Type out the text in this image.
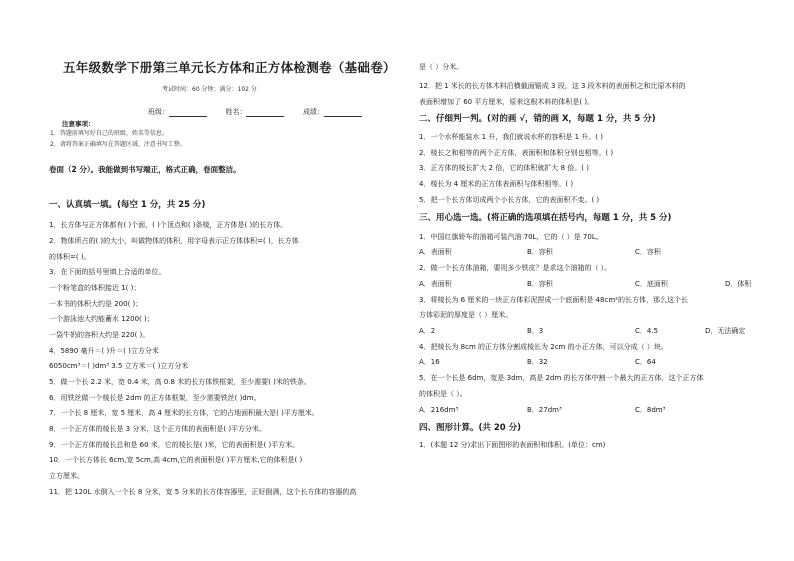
五年级数学下册第三单元长方体和正方体检测卷（基础卷）
考试时间：60 分钟；满分：102 分
班级：	姓名：	成绩：
注意事项：
1．答题前填写好自己的班级、姓名等信息。
2．请将答案正确填写在答题区域，注意书写工整。
卷面（2 分）。我能做到书写端正，格式正确，卷面整洁。
一、认真填一填。(每空 1 分，共 25 分)
1．长方体与正方体都有( )个面，( )个顶点和( )条棱，正方体是( )的长方体。
2．物体所占的( )的大小，叫做物体的体积，用字母表示正方体体积=( )，长方体
的体积=( )。
3．在下面的括号里填上合适的单位。
一个粉笔盒的体积接近 1( )；
一本书的体积大约是 200( )；
一个游泳池大约能蓄水 1200( )；
一袋牛奶的容积大约是 220( )。
4．5890 毫升＝( )升＝( )立方分米
6050cm³＝( )dm³ 3.5 立方米＝( )立方分米
5．做一个长 2.2 米，宽 0.4 米，高 0.8 米的长方体铁框架，至少需要( )米的铁条。
6．用铁丝做一个棱长是 2dm 的正方体框架，至少需要铁丝( )dm。
7．一个长 8 厘米，宽 5 厘米，高 4 厘米的长方体，它的占地面积最大是( )平方厘米。
8．一个正方体的棱长是 3 分米，这个正方体的表面积是( )平方分米。
9．一个正方体的棱长总和是 60 米，它的棱长是( )米，它的表面积是( )平方米。
10．一个长方体长 6cm,宽 5cm,高 4cm,它的表面积是( )平方厘米,它的体积是( )
立方厘米。
11．把 120L 水倒入一个长 8 分米，宽 5 分米的长方体容器里，正好倒满，这个长方体的容器的高
是（ ）分米。
12．把 1 米长的长方体木料沿横截面锯成 3 段，这 3 段木料的表面积之和比原木料的
表面积增加了 60 平方厘米，原来这根木料的体积是( )。
二、仔细判一判。(对的画 √，错的画 X，每题 1 分，共 5 分)
1．一个水杯能装水 1 升，我们就说水杯的容积是 1 升。( )
2．棱长之和相等的两个正方体，表面积和体积分别也相等。( )
3．正方体的棱长扩大 2 倍，它的体积就扩大 8 倍。( )
4．棱长为 4 厘米的正方体表面积与体积相等。( )
5．把一个长方体切成两个小长方体，它的表面积不变。( )
三、用心选一选。(将正确的选项填在括号内，每题 1 分，共 5 分)
1．中国红旗轿车的油箱可装汽油 70L，它的（ ）是 70L。
A．表面积	B．容积	C．容积
2．做一个长方体油箱，要用多少铁皮？是求这个油箱的（ ）。
A．表面积	B．容积	C．底面积	D．体积
3．将棱长为 6 厘米的一块正方体彩泥捏成一个底面积是 48cm²的长方体，那么这个长
方体彩泥的厚度是（ ）厘米。
A．2	B．3	C．4.5	D．无法确定
4．把棱长为 8cm 的正方体分割成棱长为 2cm 的小正方体，可以分成（ ）块。
A．16	B．32	C．64
5．在一个长是 6dm，宽是 3dm，高是 2dm 的长方体中割一个最大的正方体，这个正方体
的体积是（ ）。
A．216dm³	B．27dm³	C．8dm³
四、图形计算。(共 20 分)
1．(本题 12 分)求出下面图形的表面积和体积。(单位：cm)
